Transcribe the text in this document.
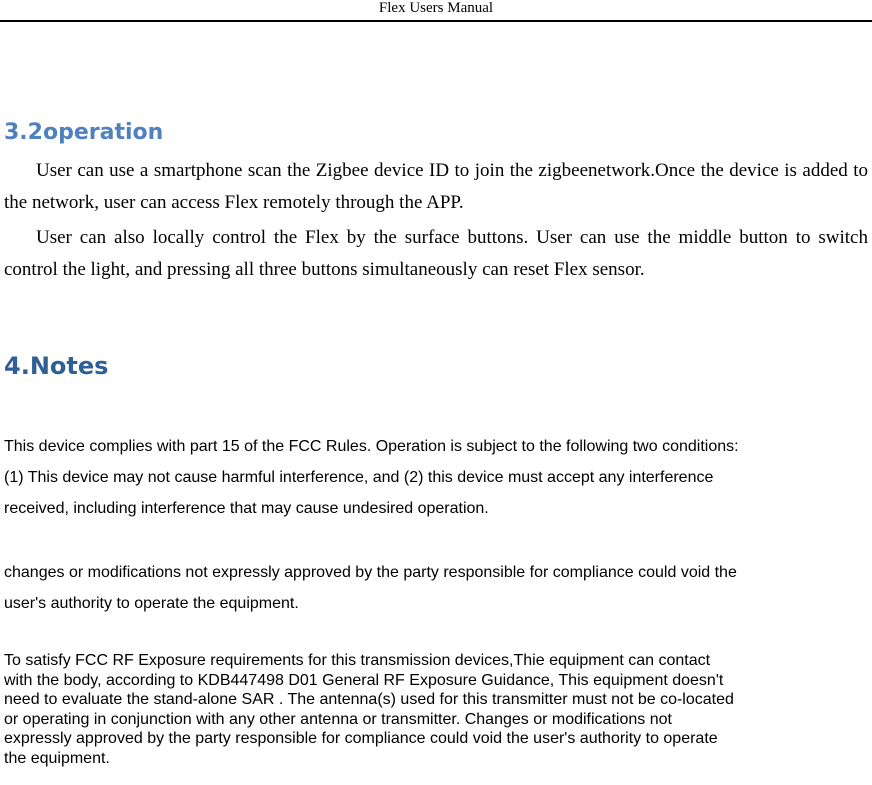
Flex Users Manual
3.2operation
User can use a smartphone scan the Zigbee device ID to join the zigbeenetwork.Once the device is added to the network, user can access Flex remotely through the APP.
User can also locally control the Flex by the surface buttons. User can use the middle button to switch control the light, and pressing all three buttons simultaneously can reset Flex sensor.
4.Notes
This device complies with part 15 of the FCC Rules. Operation is subject to the following two conditions:
(1) This device may not cause harmful interference, and (2) this device must accept any interference
received, including interference that may cause undesired operation.
changes or modifications not expressly approved by the party responsible for compliance could void the
user's authority to operate the equipment.
To satisfy FCC RF Exposure requirements for this transmission devices,Thie equipment can contact
with the body, according to KDB447498 D01 General RF Exposure Guidance, This equipment doesn't
need to evaluate the stand-alone SAR . The antenna(s) used for this transmitter must not be co-located
or operating in conjunction with any other antenna or transmitter. Changes or modifications not
expressly approved by the party responsible for compliance could void the user's authority to operate
the equipment.
